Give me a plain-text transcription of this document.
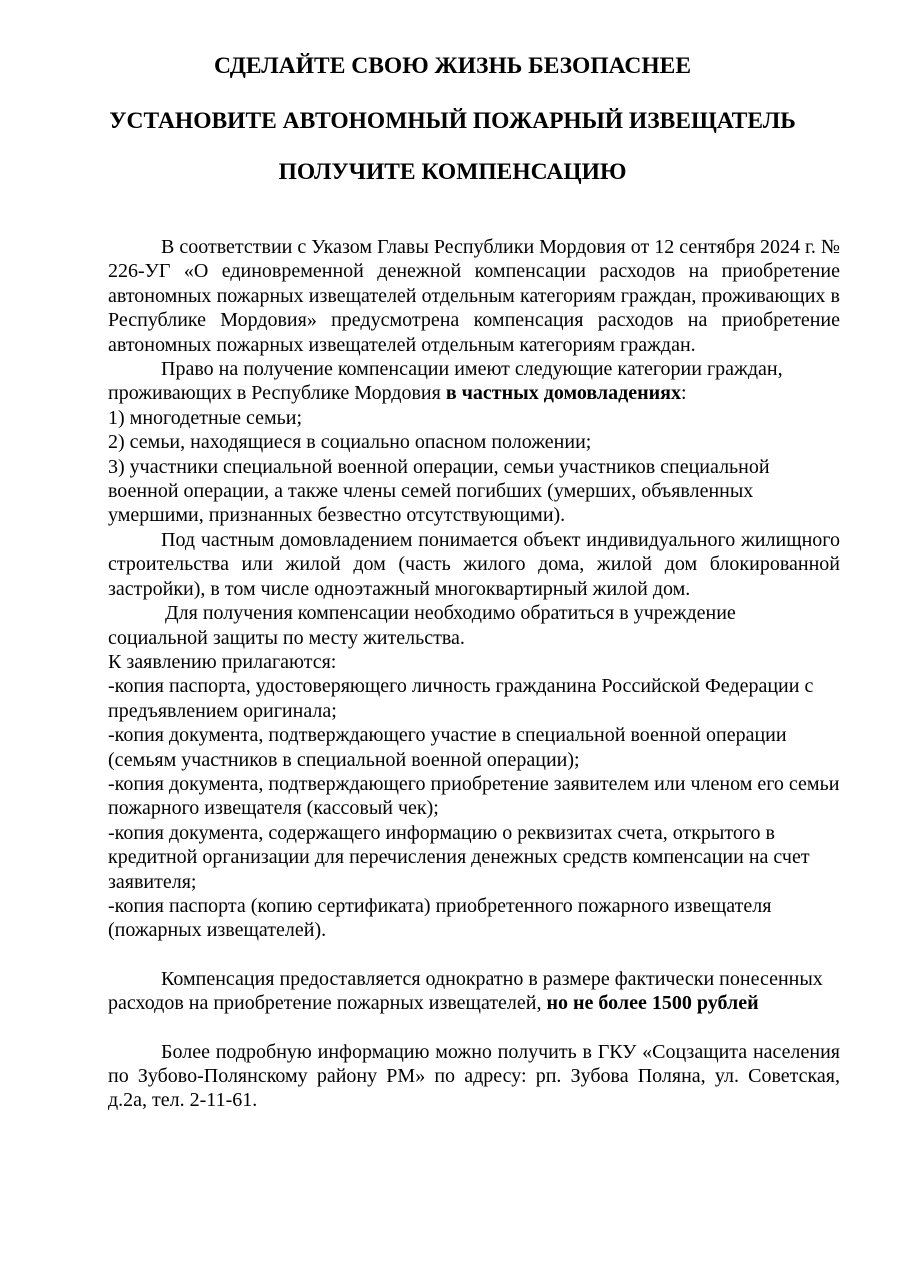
СДЕЛАЙТЕ СВОЮ ЖИЗНЬ БЕЗОПАСНЕЕ
УСТАНОВИТЕ АВТОНОМНЫЙ ПОЖАРНЫЙ ИЗВЕЩАТЕЛЬ
ПОЛУЧИТЕ КОМПЕНСАЦИЮ

В соответствии с Указом Главы Республики Мордовия от 12 сентября 2024 г. № 226-УГ «О единовременной денежной компенсации расходов на приобретение автономных пожарных извещателей отдельным категориям граждан, проживающих в Республике Мордовия» предусмотрена компенсация расходов на приобретение автономных пожарных извещателей отдельным категориям граждан.

Право на получение компенсации имеют следующие категории граждан, проживающих в Республике Мордовия в частных домовладениях:

1) многодетные семьи;

2) семьи, находящиеся в социально опасном положении;

3) участники специальной военной операции, семьи участников специальной военной операции, а также члены семей погибших (умерших, объявленных умершими, признанных безвестно отсутствующими).

Под частным домовладением понимается объект индивидуального жилищного строительства или жилой дом (часть жилого дома, жилой дом блокированной застройки), в том числе одноэтажный многоквартирный жилой дом.

Для получения компенсации необходимо обратиться в учреждение социальной защиты по месту жительства.

К заявлению прилагаются:

-копия паспорта, удостоверяющего личность гражданина Российской Федерации с предъявлением оригинала;

-копия документа, подтверждающего участие в специальной военной операции (семьям участников в специальной военной операции);

-копия документа, подтверждающего приобретение заявителем или членом его семьи пожарного извещателя (кассовый чек);

-копия документа, содержащего информацию о реквизитах счета, открытого в кредитной организации для перечисления денежных средств компенсации на счет заявителя;

-копия паспорта (копию сертификата) приобретенного пожарного извещателя (пожарных извещателей).

Компенсация предоставляется однократно в размере фактически понесенных расходов на приобретение пожарных извещателей, но не более 1500 рублей

Более подробную информацию можно получить в ГКУ «Соцзащита населения по Зубово-Полянскому району РМ» по адресу: рп. Зубова Поляна, ул. Советская, д.2а, тел. 2-11-61.
